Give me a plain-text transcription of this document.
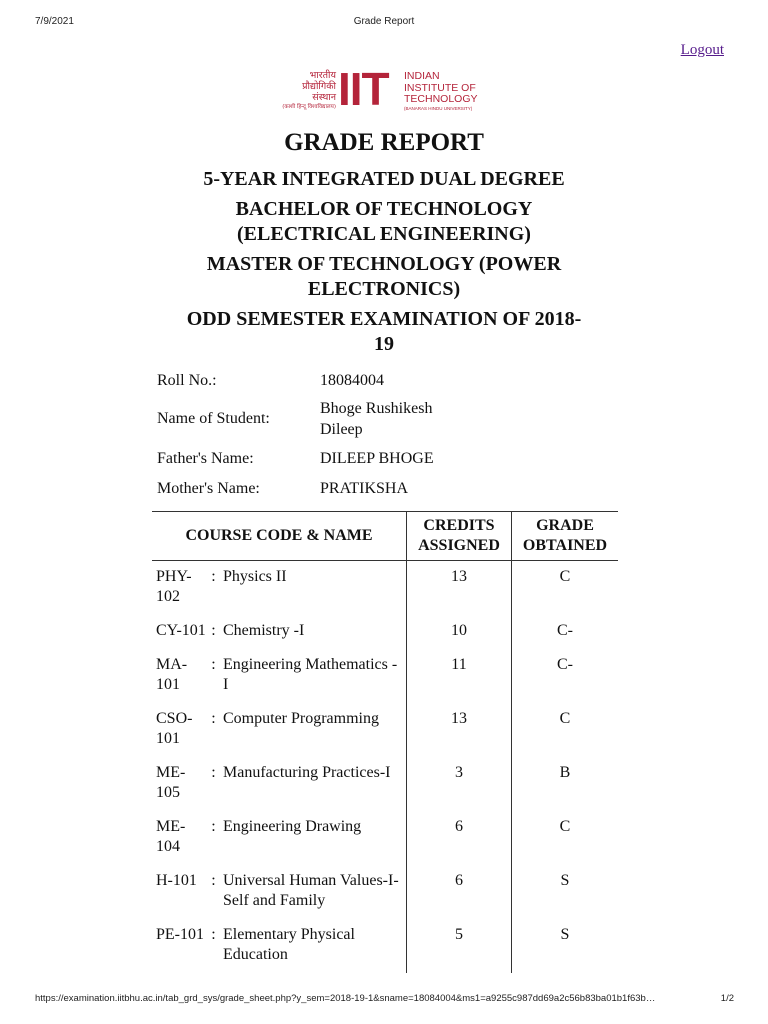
7/9/2021	Grade Report
Logout
भारतीय
प्रौद्योगिकी
संस्थान
(काशी हिन्दू विश्वविद्यालय) IIT INDIAN
INSTITUTE OF
TECHNOLOGY
(BANARAS HINDU UNIVERSITY)
GRADE REPORT
5-YEAR INTEGRATED DUAL DEGREE
BACHELOR OF TECHNOLOGY
(ELECTRICAL ENGINEERING)
MASTER OF TECHNOLOGY (POWER
ELECTRONICS)
ODD SEMESTER EXAMINATION OF 2018-
19
Roll No.:	18084004
Name of Student:
Bhoge Rushikesh Dileep
Father's Name:	DILEEP BHOGE
Mother's Name:	PRATIKSHA
COURSE CODE & NAME			CREDITS ASSIGNED	GRADE OBTAINED
PHY-102	:	Physics II	13	C
CY-101	:	Chemistry -I	10	C-
MA-101	:	Engineering Mathematics - I	11	C-
CSO-101	:	Computer Programming	13	C
ME-105	:	Manufacturing Practices-I	3	B
ME-104	:	Engineering Drawing	6	C
H-101	:	Universal Human Values-I- Self and Family	6	S
PE-101	:	Elementary Physical Education	5	S
https://examination.iitbhu.ac.in/tab_grd_sys/grade_sheet.php?y_sem=2018-19-1&sname=18084004&ms1=a9255c987dd69a2c56b83ba01b1f63b…	1/2
